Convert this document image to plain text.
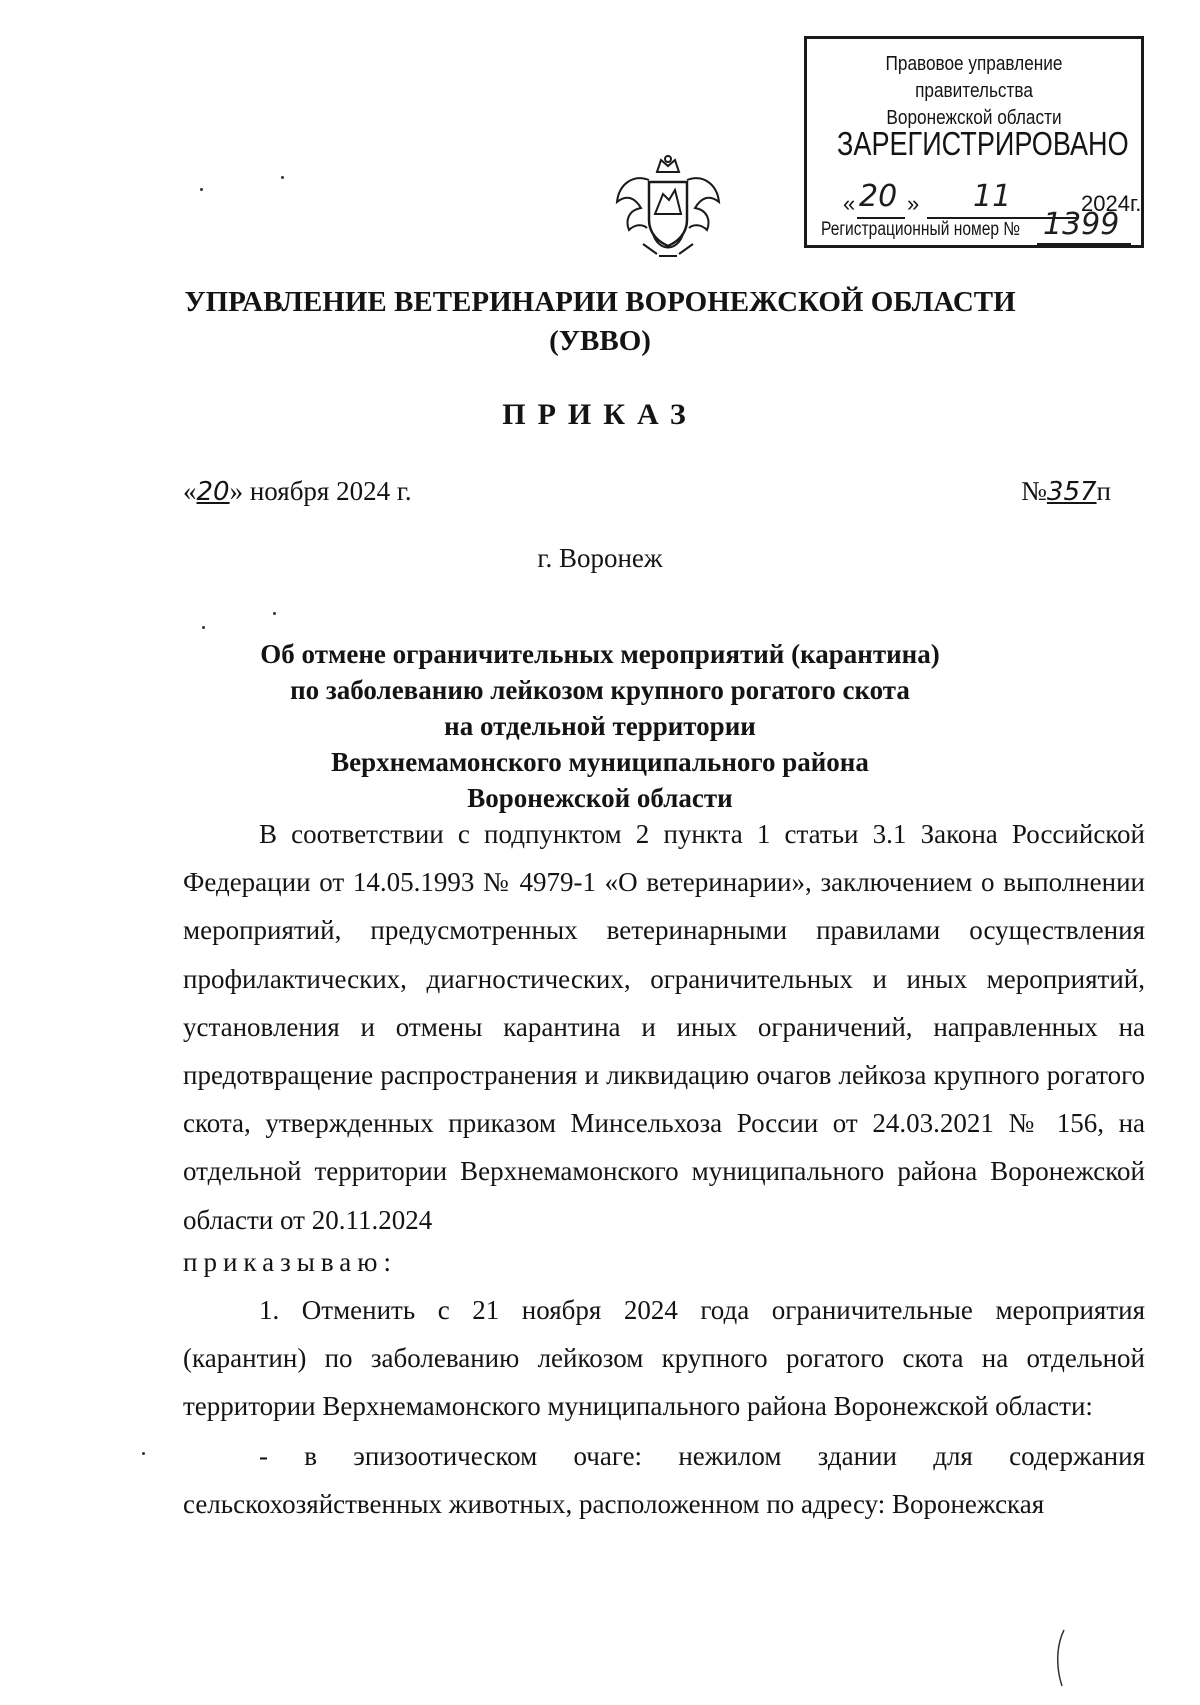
Правовое управление правительства
Воронежской области
ЗАРЕГИСТРИРОВАНО
« 20 » 11	2024г.
Регистрационный номер № 1399
УПРАВЛЕНИЕ ВЕТЕРИНАРИИ ВОРОНЕЖСКОЙ ОБЛАСТИ
(УВВО)
ПРИКАЗ
«20» ноября 2024 г.	№357п
г. Воронеж
Об отмене ограничительных мероприятий (карантина)
по заболеванию лейкозом крупного рогатого скота
на отдельной территории
Верхнемамонского муниципального района
Воронежской области

В соответствии с подпунктом 2 пункта 1 статьи 3.1 Закона Российской Федерации от 14.05.1993 № 4979-1 «О ветеринарии», заключением о выполнении мероприятий, предусмотренных ветеринарными правилами осуществления профилактических, диагностических, ограничительных и иных мероприятий, установления и отмены карантина и иных ограничений, направленных на предотвращение распространения и ликвидацию очагов лейкоза крупного рогатого скота, утвержденных приказом Минсельхоза России от 24.03.2021 № 156, на отдельной территории Верхнемамонского муниципального района Воронежской области от 20.11.2024

приказываю:

1. Отменить с 21 ноября 2024 года ограничительные мероприятия (карантин) по заболеванию лейкозом крупного рогатого скота на отдельной территории Верхнемамонского муниципального района Воронежской области:

- в эпизоотическом очаге: нежилом здании для содержания сельскохозяйственных животных, расположенном по адресу: Воронежская
